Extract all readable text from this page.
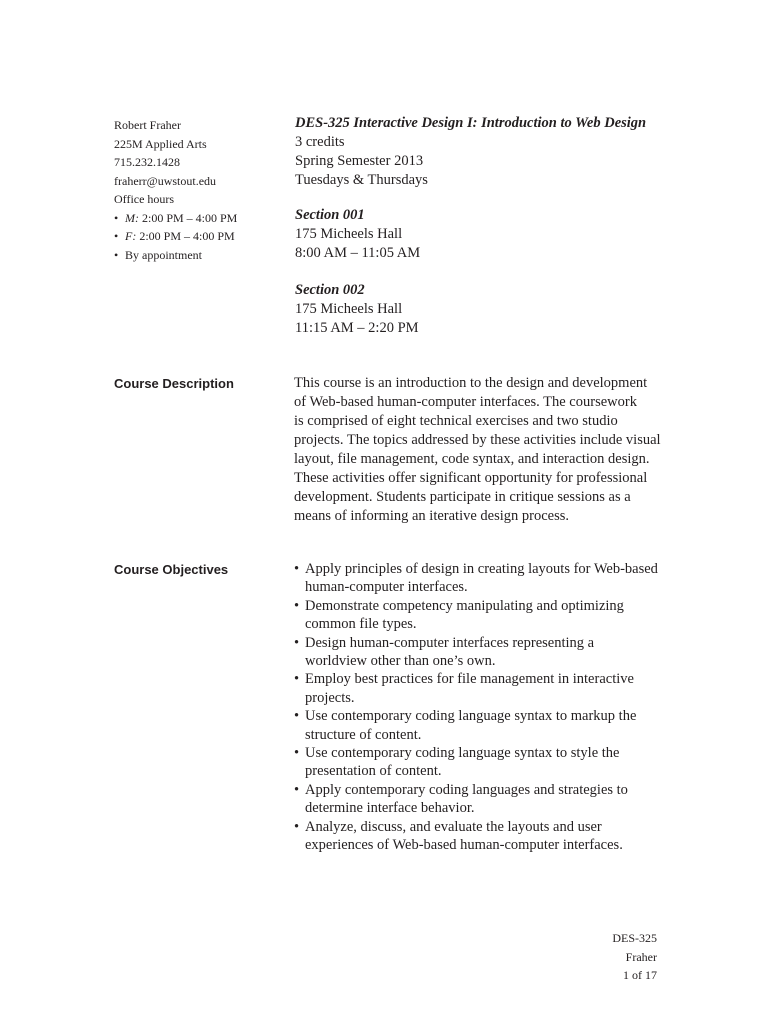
Robert Fraher
225M Applied Arts
715.232.1428
fraherr@uwstout.edu
Office hours
• M: 2:00 PM – 4:00 PM
• F: 2:00 PM – 4:00 PM
• By appointment
DES-325 Interactive Design I: Introduction to Web Design
3 credits
Spring Semester 2013
Tuesdays & Thursdays
Section 001
175 Micheels Hall
8:00 AM – 11:05 AM
Section 002
175 Micheels Hall
11:15 AM – 2:20 PM
Course Description	This course is an introduction to the design and development
of Web-based human-computer interfaces. The coursework
is comprised of eight technical exercises and two studio
projects. The topics addressed by these activities include visual
layout, file management, code syntax, and interaction design.
These activities offer significant opportunity for professional
development. Students participate in critique sessions as a
means of informing an iterative design process.
Course Objectives	• Apply principles of design in creating layouts for Web-based
human-computer interfaces.
• Demonstrate competency manipulating and optimizing
common file types.
• Design human-computer interfaces representing a
worldview other than one’s own.
• Employ best practices for file management in interactive
projects.
• Use contemporary coding language syntax to markup the
structure of content.
• Use contemporary coding language syntax to style the
presentation of content.
• Apply contemporary coding languages and strategies to
determine interface behavior.
• Analyze, discuss, and evaluate the layouts and user
experiences of Web-based human-computer interfaces.
DES-325
Fraher
1 of 17
